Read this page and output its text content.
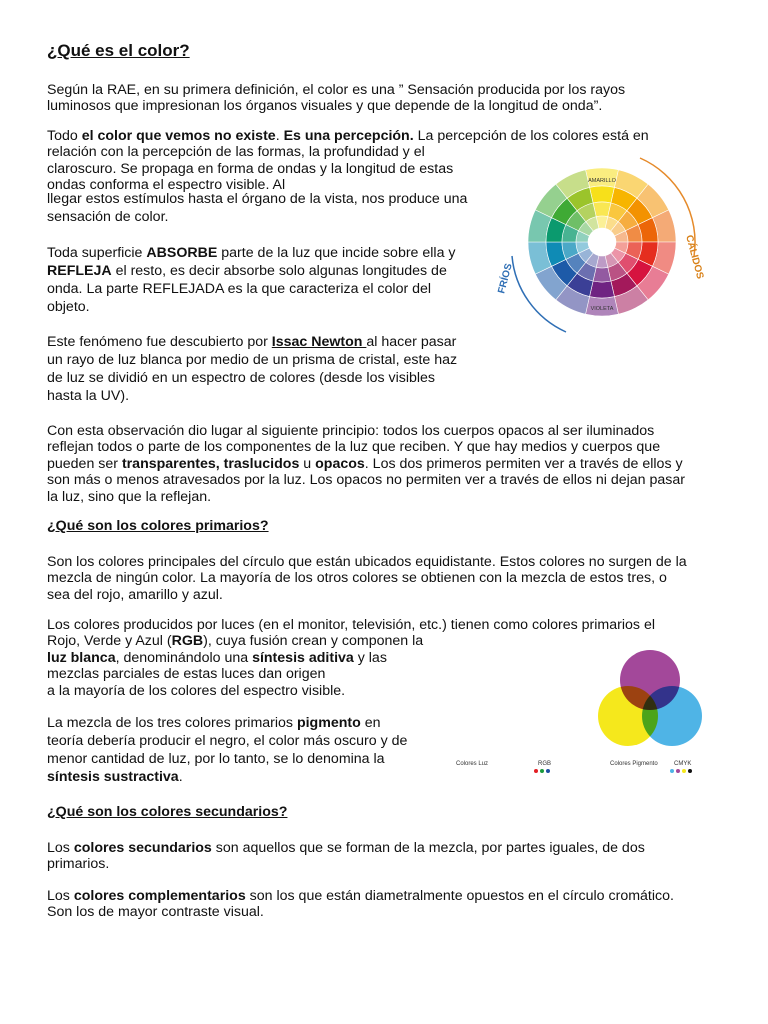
¿Qué es el color?
Según la RAE, en su primera definición, el color es una ” Sensación producida por los rayos
luminosos que impresionan los órganos visuales y que depende de la longitud de onda”.
Todo el color que vemos no existe. Es una percepción. La percepción de los colores está en
relación con la percepción de las formas, la profundidad y el
claroscuro. Se propaga en forma de ondas y la longitud de estas
ondas conforma el espectro visible. Al
llegar estos estímulos hasta el órgano de la vista, nos produce una
sensación de color.
Toda superficie ABSORBE parte de la luz que incide sobre ella y
REFLEJA el resto, es decir absorbe solo algunas longitudes de
onda. La parte REFLEJADA es la que caracteriza el color del
objeto.
Este fenómeno fue descubierto por Issac Newton al hacer pasar
un rayo de luz blanca por medio de un prisma de cristal, este haz
de luz se dividió en un espectro de colores (desde los visibles
hasta la UV).
Con esta observación dio lugar al siguiente principio: todos los cuerpos opacos al ser iluminados
reflejan todos o parte de los componentes de la luz que reciben. Y que hay medios y cuerpos que
pueden ser transparentes, traslucidos u opacos. Los dos primeros permiten ver a través de ellos y
son más o menos atravesados por la luz. Los opacos no permiten ver a través de ellos ni dejan pasar
la luz, sino que la reflejan.
¿Qué son los colores primarios?
Son los colores principales del círculo que están ubicados equidistante. Estos colores no surgen de la
mezcla de ningún color. La mayoría de los otros colores se obtienen con la mezcla de estos tres, o
sea del rojo, amarillo y azul.
Los colores producidos por luces (en el monitor, televisión, etc.) tienen como colores primarios el
Rojo, Verde y Azul (RGB), cuya fusión crean y componen la
luz blanca, denominándolo una síntesis aditiva y las
mezclas parciales de estas luces dan origen
a la mayoría de los colores del espectro visible.
La mezcla de los tres colores primarios pigmento en
teoría debería producir el negro, el color más oscuro y de
menor cantidad de luz, por lo tanto, se lo denomina la
síntesis sustractiva.
¿Qué son los colores secundarios?
Los colores secundarios son aquellos que se forman de la mezcla, por partes iguales, de dos
primarios.
Los colores complementarios son los que están diametralmente opuestos en el círculo cromático.
Son los de mayor contraste visual.
CÁLIDOS
FRÍOS
AMARILLO
VIOLETA
Colores Luz	RGB	Colores Pigmento	CMYK
